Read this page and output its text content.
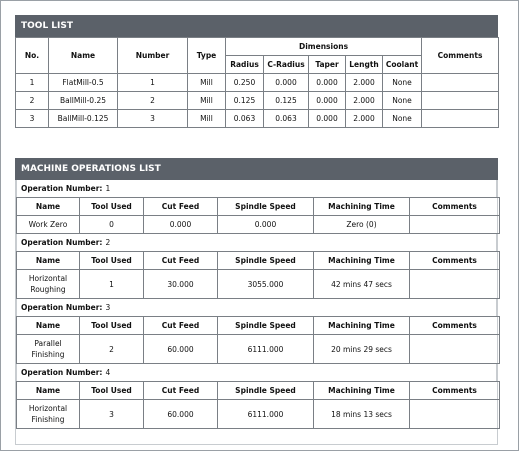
TOOL LIST
No.	Name	Number	Type	Dimensions					Comments
				Radius	C-Radius	Taper	Length	Coolant	
1	FlatMill-0.5	1	Mill	0.250	0.000	0.000	2.000	None	
2	BallMill-0.25	2	Mill	0.125	0.125	0.000	2.000	None	
3	BallMill-0.125	3	Mill	0.063	0.063	0.000	2.000	None	
MACHINE OPERATIONS LIST
Operation Number: 1
Name	Tool Used	Cut Feed	Spindle Speed	Machining Time	Comments
Work Zero	0	0.000	0.000	Zero (0)	
Operation Number: 2
Name	Tool Used	Cut Feed	Spindle Speed	Machining Time	Comments
Horizontal Roughing	1	30.000	3055.000	42 mins 47 secs	
Operation Number: 3
Name	Tool Used	Cut Feed	Spindle Speed	Machining Time	Comments
Parallel Finishing	2	60.000	6111.000	20 mins 29 secs	
Operation Number: 4
Name	Tool Used	Cut Feed	Spindle Speed	Machining Time	Comments
Horizontal Finishing	3	60.000	6111.000	18 mins 13 secs	
